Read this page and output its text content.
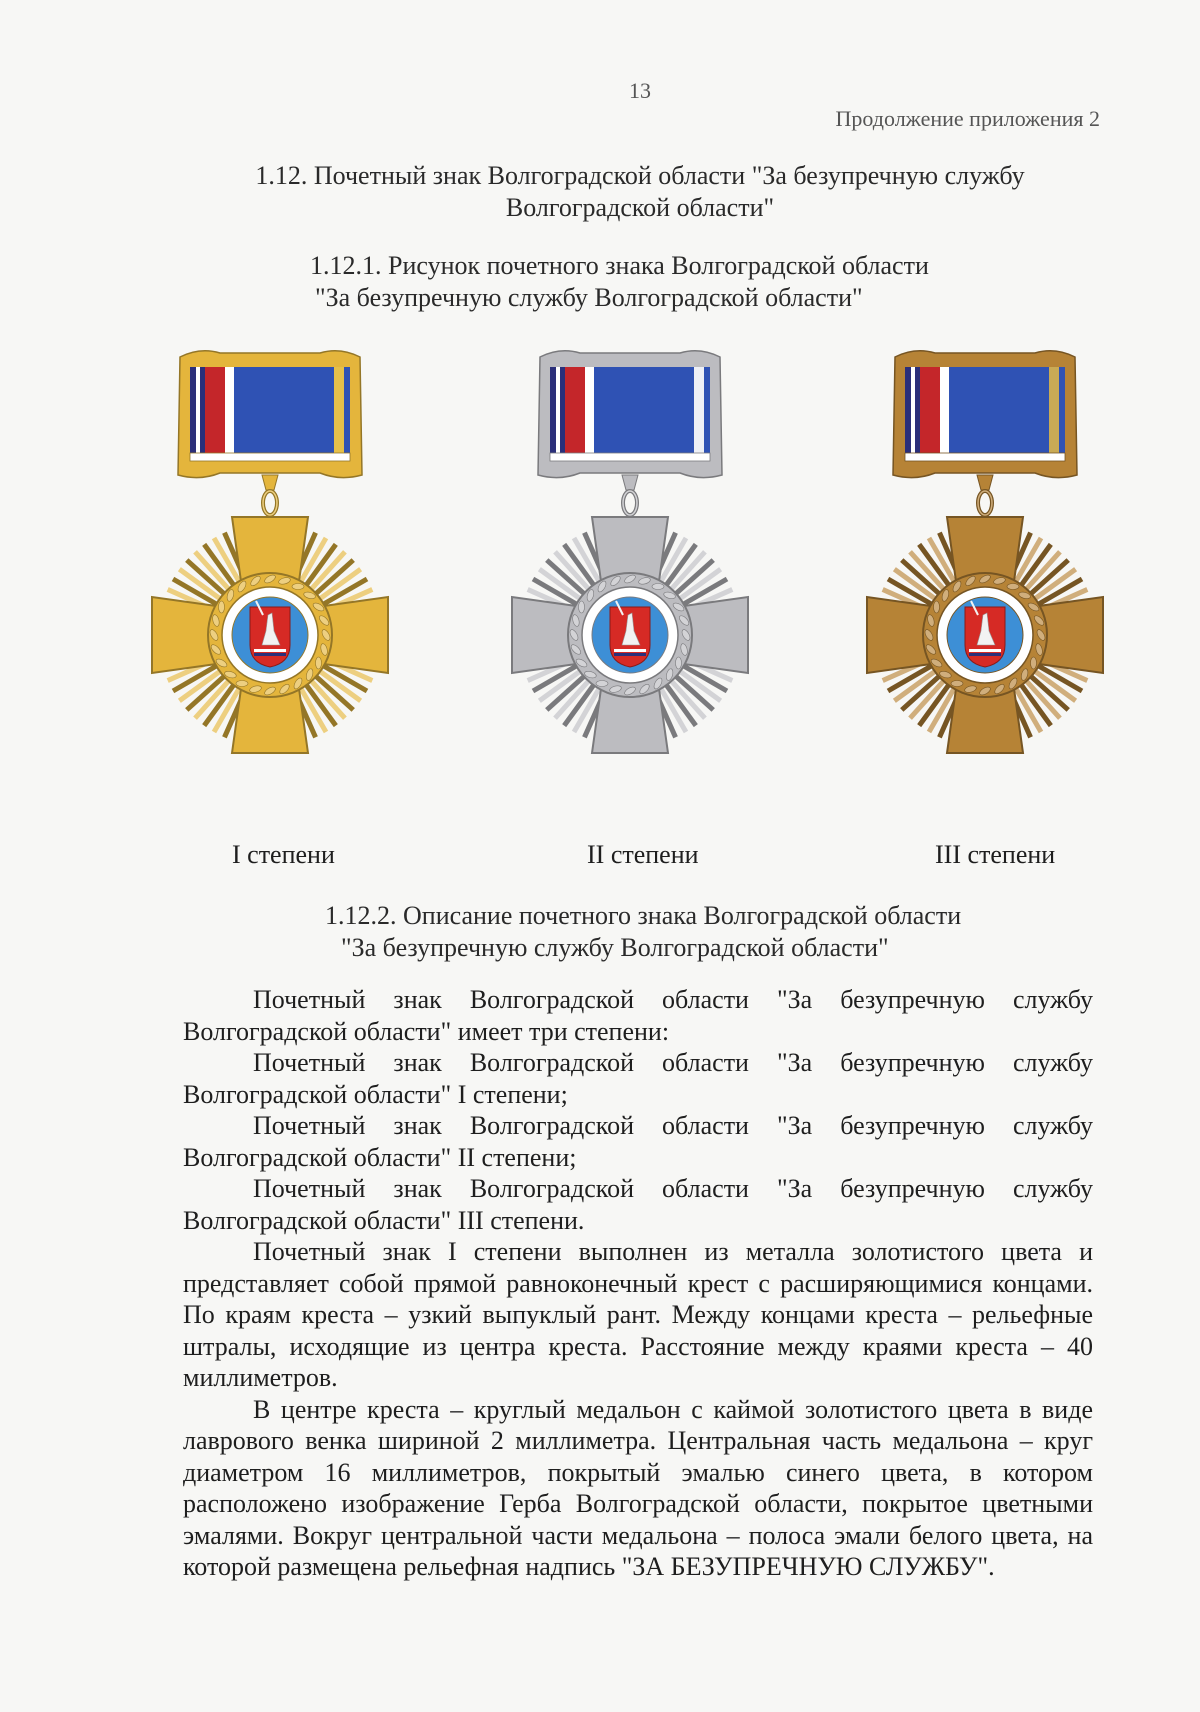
13
Продолжение приложения 2
1.12. Почетный знак Волгоградской области "За безупречную службу Волгоградской области"
1.12.1. Рисунок почетного знака Волгоградской области
"За безупречную службу Волгоградской области"
I степени	II степени	III степени
1.12.2. Описание почетного знака Волгоградской области
"За безупречную службу Волгоградской области"

Почетный знак Волгоградской области "За безупречную службу Волгоградской области" имеет три степени:

Почетный знак Волгоградской области "За безупречную службу Волгоградской области" I степени;

Почетный знак Волгоградской области "За безупречную службу Волгоградской области" II степени;

Почетный знак Волгоградской области "За безупречную службу Волгоградской области" III степени.

Почетный знак I степени выполнен из металла золотистого цвета и представляет собой прямой равноконечный крест с расширяющимися концами. По краям креста – узкий выпуклый рант. Между концами креста – рельефные штралы, исходящие из центра креста. Расстояние между краями креста – 40 миллиметров.

В центре креста – круглый медальон с каймой золотистого цвета в виде лаврового венка шириной 2 миллиметра. Центральная часть медальона – круг диаметром 16 миллиметров, покрытый эмалью синего цвета, в котором расположено изображение Герба Волгоградской области, покрытое цветными эмалями. Вокруг центральной части медальона – полоса эмали белого цвета, на которой размещена рельефная надпись "ЗА БЕЗУПРЕЧНУЮ СЛУЖБУ".
